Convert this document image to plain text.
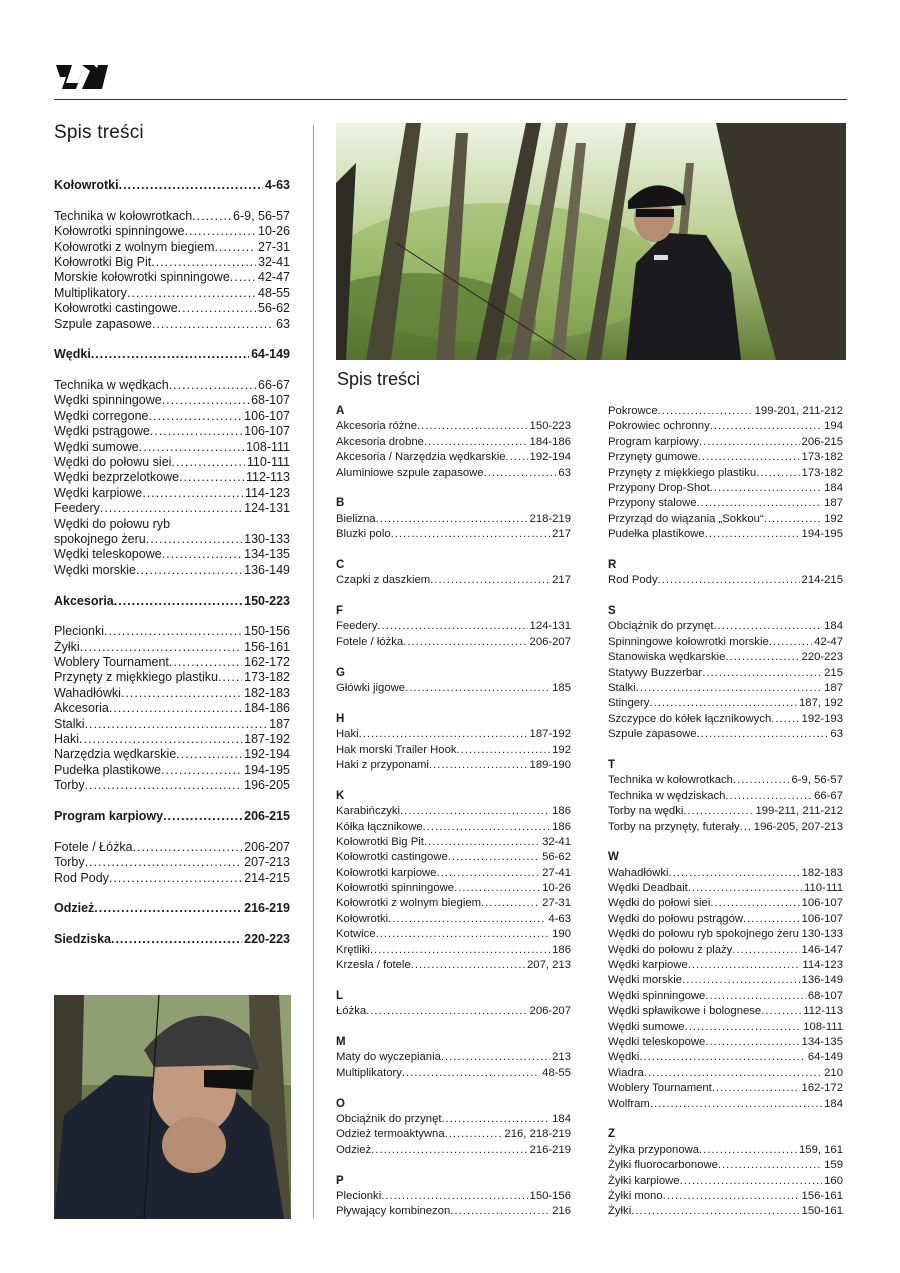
Spis treści
Kołowrotki .....	4-63
Technika w kołowrotkach .....	6-9, 56-57
Kołowrotki spinningowe .....	10-26
Kołowrotki z wolnym biegiem .....	27-31
Kołowrotki Big Pit .....	32-41
Morskie kołowrotki spinningowe ..... 42-47
Multiplikatory .....	48-55
Kołowrotki castingowe .....	56-62
Szpule zapasowe .....	63
Wędki .....	64-149
Technika w wędkach .....	66-67
Wędki spinningowe .....	68-107
Wędki corregone .....	106-107
Wędki pstrągowe .....	106-107
Wędki sumowe .....	108-111
Wędki do połowu siei .....	110-111
Wędki bezprzelotkowe .....	112-113
Wędki karpiowe .....	114-123
Feedery .....	124-131
Wędki do połowu ryb
spokojnego żeru .....	130-133
Wędki teleskopowe .....	134-135
Wędki morskie .....	136-149
Akcesoria .....	150-223
Plecionki .....	150-156
Żyłki .....	156-161
Woblery Tournament .....	162-172
Przynęty z miękkiego plastiku ..... 173-182
Wahadłówki .....	182-183
Akcesoria .....	184-186
Stalki .....	187
Haki .....	187-192
Narzędzia wędkarskie .....	192-194
Pudełka plastikowe .....	194-195
Torby .....	196-205
Program karpiowy .....	206-215
Fotele / Łóżka .....	206-207
Torby .....	207-213
Rod Pody .....	214-215
Odzież .....	216-219
Siedziska .....	220-223
Spis treści
A
Akcesoria różne .....	150-223
Akcesoria drobne .....	184-186
Akcesoria / Narzędzia wędkarskie ..... 192-194
Aluminiowe szpule zapasowe .....	63
B
Bielizna .....	218-219
Bluzki polo .....	217
C
Czapki z daszkiem .....	217
F
Feedery .....	124-131
Fotele / łóżka .....	206-207
G
Główki jigowe .....	185
H
Haki .....	187-192
Hak morski Trailer Hook .....	192
Haki z przyponami .....	189-190
K
Karabińczyki .....	186
Kółka łącznikowe .....	186
Kołowrotki Big Pit .....	32-41
Kołowrotki castingowe .....	56-62
Kołowrotki karpiowe .....	27-41
Kołowrotki spinningowe .....	10-26
Kołowrotki z wolnym biegiem .....	27-31
Kołowrotki .....	4-63
Kotwice .....	190
Krętliki .....	186
Krzesła / fotele .....	207, 213
L
Łóżka .....	206-207
M
Maty do wyczepiania .....	213
Multiplikatory .....	48-55
O
Obciążnik do przynęt .....	184
Odzież termoaktywna .....	216, 218-219
Odzież .....	216-219
P
Plecionki .....	150-156
Pływający kombinezon .....	216
Pokrowce .....	199-201, 211-212
Pokrowiec ochronny .....	194
Program karpiowy .....	206-215
Przynęty gumowe .....	173-182
Przynęty z miękkiego plastiku .....	173-182
Przypony Drop-Shot .....	184
Przypony stalowe .....	187
Przyrząd do wiązania „Sokkou“ .....	192
Pudełka plastikowe .....	194-195
R
Rod Pody .....	214-215
S
Obciążnik do przynęt .....	184
Spinningowe kołowrotki morskie .....	42-47
Stanowiska wędkarskie .....	220-223
Statywy Buzzerbar .....	215
Stalki .....	187
Stingery .....	187, 192
Szczypce do kółek łącznikowych .....	192-193
Szpule zapasowe .....	63
T
Technika w kołowrotkach .....	6-9, 56-57
Technika w wędziskach .....	66-67
Torby na wędki .....	199-211, 211-212
Torby na przynęty, futerały ..... 196-205, 207-213
W
Wahadłówki .....	182-183
Wędki Deadbait .....	110-111
Wędki do połowi siei .....	106-107
Wędki do połowu pstrągów .....	106-107
Wędki do połowu ryb spokojnego żeru ..... 130-133
Wędki do połowu z plaży .....	146-147
Wędki karpiowe .....	114-123
Wędki morskie .....	136-149
Wędki spinningowe .....	68-107
Wędki spławikowe i bolognese .....	112-113
Wędki sumowe .....	108-111
Wędki teleskopowe .....	134-135
Wędki .....	64-149
Wiadra .....	210
Woblery Tournament .....	162-172
Wolfram .....	184
Z
Żyłka przyponowa .....	159, 161
Żyłki fluorocarbonowe .....	159
Żyłki karpiowe .....	160
Żyłki mono .....	156-161
Żyłki .....	150-161
